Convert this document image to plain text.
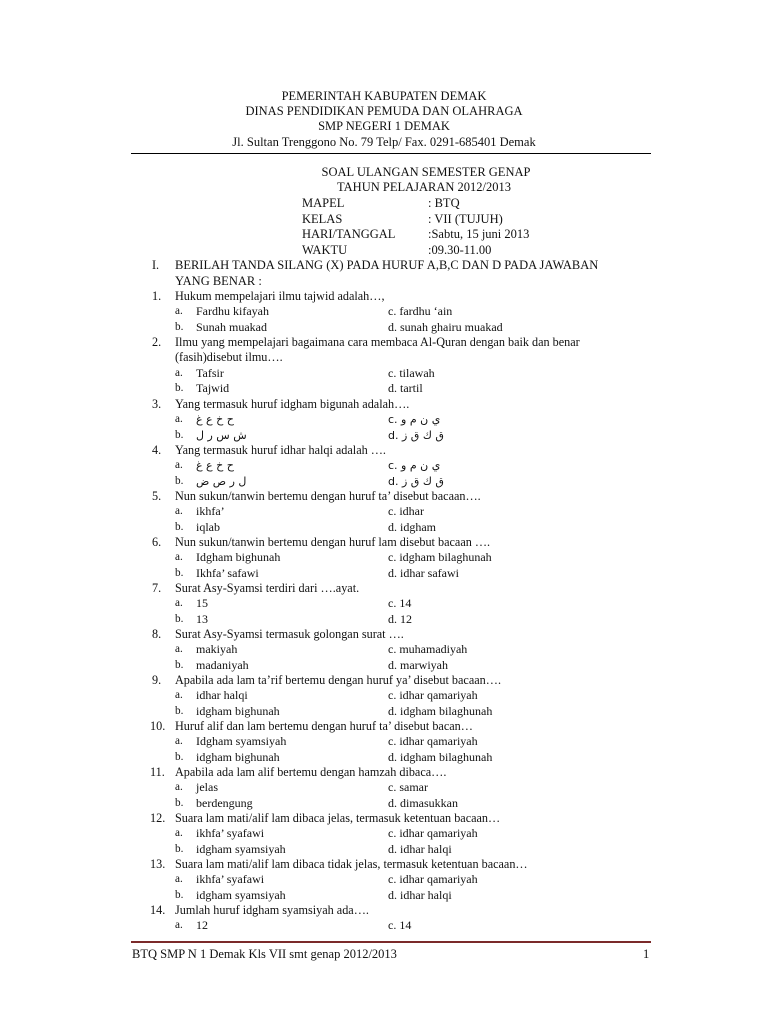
PEMERINTAH KABUPATEN DEMAK
DINAS PENDIDIKAN PEMUDA DAN OLAHRAGA
SMP NEGERI 1 DEMAK
Jl. Sultan Trenggono No. 79 Telp/ Fax. 0291-685401 Demak
SOAL ULANGAN SEMESTER GENAP
TAHUN PELAJARAN 2012/2013
MAPEL	: BTQ
KELAS	: VII (TUJUH)
HARI/TANGGAL	:Sabtu, 15 juni 2013
WAKTU	:09.30-11.00
I. BERILAH TANDA SILANG (X) PADA HURUF A,B,C DAN D PADA JAWABAN
YANG BENAR :
1. Hukum mempelajari ilmu tajwid adalah…,
a. Fardhu kifayah	c. fardhu ‘ain
b. Sunah muakad	d. sunah ghairu muakad
2. Ilmu yang mempelajari bagaimana cara membaca Al-Quran dengan baik dan benar
(fasih)disebut ilmu….
a. Tafsir	c. tilawah
b. Tajwid	d. tartil
3. Yang termasuk huruf idgham bigunah adalah….
a. ح خ ع غ	c. ي ن م و
b. ش س ر ل	d. ق ك ق ز
4. Yang termasuk huruf idhar halqi adalah ….
a. ح خ ع غ	c. ي ن م و
b. ل ر ص ض	d. ق ك ق ز
5. Nun sukun/tanwin bertemu dengan huruf ta’ disebut bacaan….
a. ikhfa’	c. idhar
b. iqlab	d. idgham
6. Nun sukun/tanwin bertemu dengan huruf lam disebut bacaan ….
a. Idgham bighunah	c. idgham bilaghunah
b. Ikhfa’ safawi	d. idhar safawi
7. Surat Asy-Syamsi terdiri dari ….ayat.
a. 15	c. 14
b. 13	d. 12
8. Surat Asy-Syamsi termasuk golongan surat ….
a. makiyah	c. muhamadiyah
b. madaniyah	d. marwiyah
9. Apabila ada lam ta’rif bertemu dengan huruf ya’ disebut bacaan….
a. idhar halqi	c. idhar qamariyah
b. idgham bighunah	d. idgham bilaghunah
10. Huruf alif dan lam bertemu dengan huruf ta’ disebut bacan…
a. Idgham syamsiyah	c. idhar qamariyah
b. idgham bighunah	d. idgham bilaghunah
11. Apabila ada lam alif bertemu dengan hamzah dibaca….
a. jelas	c. samar
b. berdengung	d. dimasukkan
12. Suara lam mati/alif lam dibaca jelas, termasuk ketentuan bacaan…
a. ikhfa’ syafawi	c. idhar qamariyah
b. idgham syamsiyah	d. idhar halqi
13. Suara lam mati/alif lam dibaca tidak jelas, termasuk ketentuan bacaan…
a. ikhfa’ syafawi	c. idhar qamariyah
b. idgham syamsiyah	d. idhar halqi
14. Jumlah huruf idgham syamsiyah ada….
a. 12	c. 14
BTQ SMP N 1 Demak Kls VII smt genap 2012/2013	1
